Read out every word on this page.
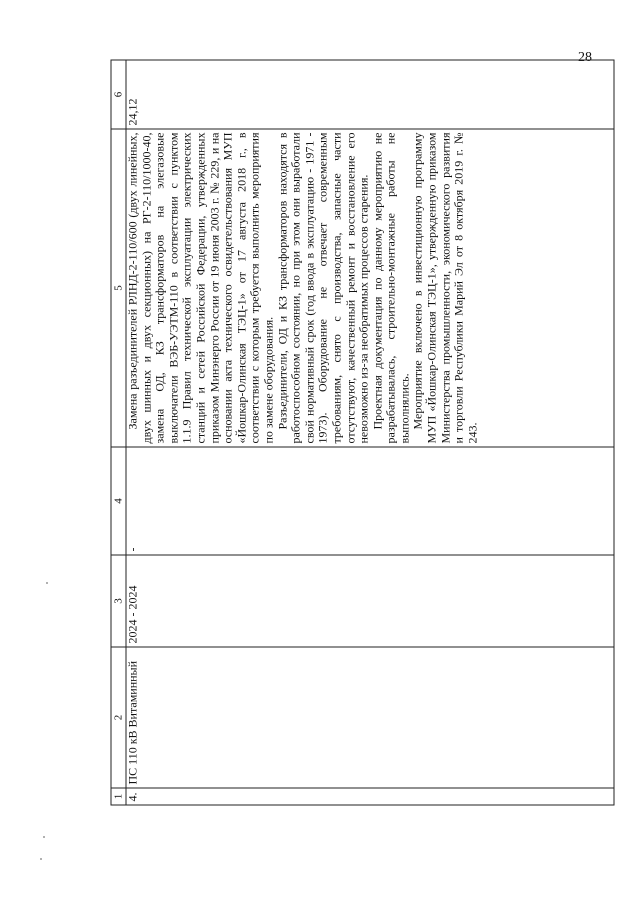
28
1	2	3	4	5	6
4.	ПС 110 кВ Витаминный	2024 - 2024	-	Замена разъединителей РЛНД-2-110/600 (двух линейных, двух шинных и двух секционных) на РГ-2-110/1000-40, замена ОД, КЗ трансформаторов на элегазовые выключатели ВЭБ-УЭТМ-110 в соответствии с пунктом 1.1.9 Правил технической эксплуатации электрических станций и сетей Российской Федерации, утвержденных приказом Минэнерго России от 19 июня 2003 г. № 229, и на основании акта технического освидетельствования МУП «Йошкар-Олинская ТЭЦ-1» от 17 августа 2018 г., в соответствии с которым требуется выполнить мероприятия по замене оборудования. Разъединители, ОД и КЗ трансформаторов находятся в работоспособном состоянии, но при этом они выработали свой нормативный срок (год ввода в эксплуатацию - 1971 - 1973). Оборудование не отвечает современным требованиям, снято с производства, запасные части отсутствуют, качественный ремонт и восстановление его невозможно из-за необратимых процессов старения. Проектная документация по данному мероприятию не разрабатывалась, строительно-монтажные работы не выполнялись. Мероприятие включено в инвестиционную программу МУП «Йошкар-Олинская ТЭЦ-1», утвержденную приказом Министерства промышленности, экономического развития и торговли Республики Марий Эл от 8 октября 2019 г. № 243.	24,12
